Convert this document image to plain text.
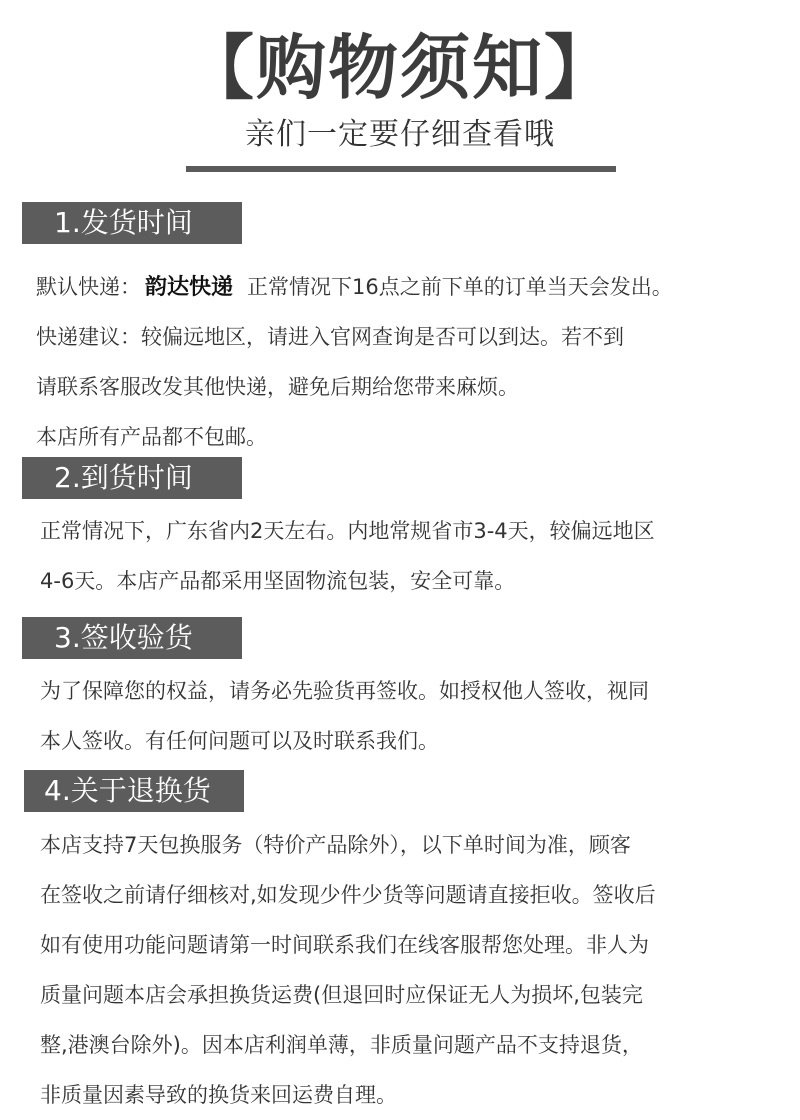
【购物须知】
亲们一定要仔细查看哦
1.发货时间
默认快递： 韵达快递 正常情况下16点之前下单的订单当天会发出。
快递建议：较偏远地区，请进入官网查询是否可以到达。若不到
请联系客服改发其他快递，避免后期给您带来麻烦。
本店所有产品都不包邮。
2.到货时间
正常情况下，广东省内2天左右。内地常规省市3-4天，较偏远地区
4-6天。本店产品都采用坚固物流包装，安全可靠。
3.签收验货
为了保障您的权益，请务必先验货再签收。如授权他人签收，视同
本人签收。有任何问题可以及时联系我们。
4.关于退换货
本店支持7天包换服务（特价产品除外），以下单时间为准，顾客
在签收之前请仔细核对,如发现少件少货等问题请直接拒收。签收后
如有使用功能问题请第一时间联系我们在线客服帮您处理。非人为
质量问题本店会承担换货运费(但退回时应保证无人为损坏,包装完
整,港澳台除外)。因本店利润单薄，非质量问题产品不支持退货，
非质量因素导致的换货来回运费自理。
